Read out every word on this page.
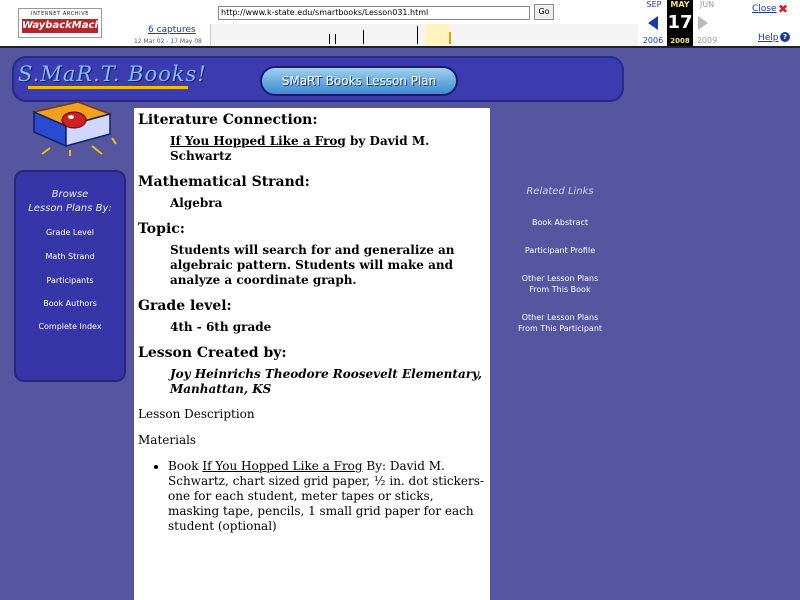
INTERNET ARCHIVE
WaybackMachine
http://www.k-state.edu/smartbooks/Lesson031.html	Go
6 captures
12 Mar 02 - 17 May 08
SEP
2006
MAY
17
2008
JUN
2009
Close ✖
Help ?
S.MaR.T. Books!	SMaRT Books Lesson Plan
Browse
Lesson Plans By:
Grade Level
Math Strand
Participants
Book Authors
Complete Index
Related Links
Book Abstract
Participant Profile
Other Lesson Plans
From This Book
Other Lesson Plans
From This Participant
Literature Connection:
If You Hopped Like a Frog by David M. Schwartz
Mathematical Strand:
Algebra
Topic:
Students will search for and generalize an algebraic pattern. Students will make and analyze a coordinate graph.
Grade level:
4th - 6th grade
Lesson Created by:
Joy Heinrichs Theodore Roosevelt Elementary, Manhattan, KS
Lesson Description
Materials
• Book If You Hopped Like a Frog By: David M. Schwartz, chart sized grid paper, ½ in. dot stickers- one for each student, meter tapes or sticks, masking tape, pencils, 1 small grid paper for each student (optional)
